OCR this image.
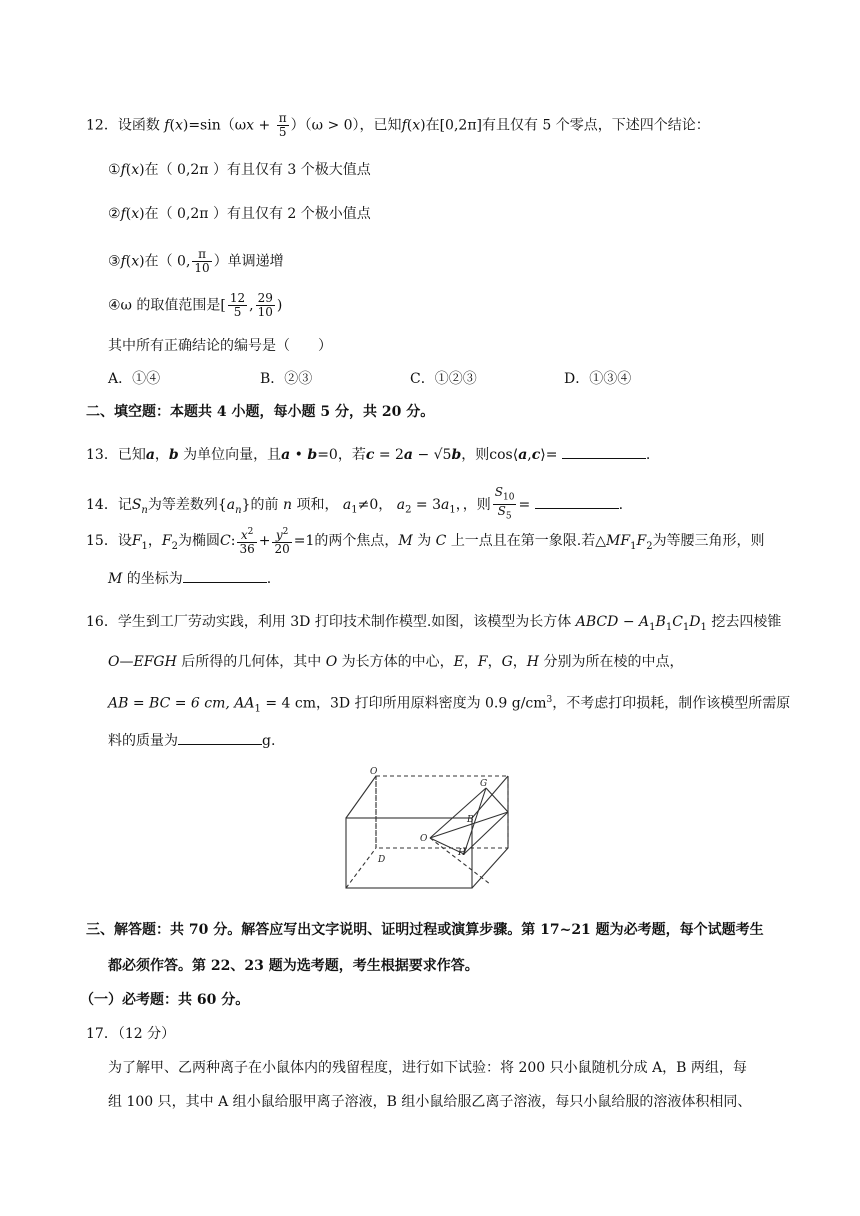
12．设函数 $f(x)=\sin(\omega x + \frac{\pi}{5} )(\omega > 0)$，已知f(x)在[0,2π]有且仅有 5 个零点，下述四个结论：
①f(x)在（ 0,2π ）有且仅有 3 个极大值点
②f(x)在（ 0,2π ）有且仅有 2 个极小值点
③f(x)在（ 0, $\frac{\pi}{10}$ ）单调递增
④ω 的取值范围是[ $\frac{12}{5}$ , $\frac{29}{10}$ )
其中所有正确结论的编号是（　　）
A．①④	B．②③	C．①②③	D．①③④
二、填空题：本题共 4 小题，每小题 5 分，共 20 分。
13．已知a，b 为单位向量，且a • b=0，若c = 2a − √5b，则cos⟨a,c⟩=	.
14．记$S_n$为等差数列$\{a_n\}$的前 n 项和， $a_1\ne 0$， $a_2 = 3a_1$，，则 $\frac{S_{10}}{S_5}$ =	.
15．设$F_1$，$F_2$为椭圆C: $\frac{x^2}{36} + \frac{y^2}{20} =1$的两个焦点，M 为 C 上一点且在第一象限.若$\triangle MF_1F_2$为等腰三角形，则
M 的坐标为	.
16．学生到工厂劳动实践，利用 3D 打印技术制作模型.如图，该模型为长方体 ABCD − $A_1B_1C_1D_1$ 挖去四棱锥
O—EFGH 后所得的几何体，其中 O 为长方体的中心，E，F，G，H 分别为所在棱的中点，
AB = BC = 6 cm, $AA_1 = 4$ cm，3D 打印所用原料密度为 0.9 $g/cm^3$，不考虑打印损耗，制作该模型所需原
料的质量为	g.
G
O
B
H
D
O
三、解答题：共 70 分。解答应写出文字说明、证明过程或演算步骤。第 17~21 题为必考题，每个试题考生
都必须作答。第 22、23 题为选考题，考生根据要求作答。
（一）必考题：共 60 分。
17．（12 分）
为了解甲、乙两种离子在小鼠体内的残留程度，进行如下试验：将 200 只小鼠随机分成 A，B 两组，每
组 100 只，其中 A 组小鼠给服甲离子溶液，B 组小鼠给服乙离子溶液，每只小鼠给服的溶液体积相同、
